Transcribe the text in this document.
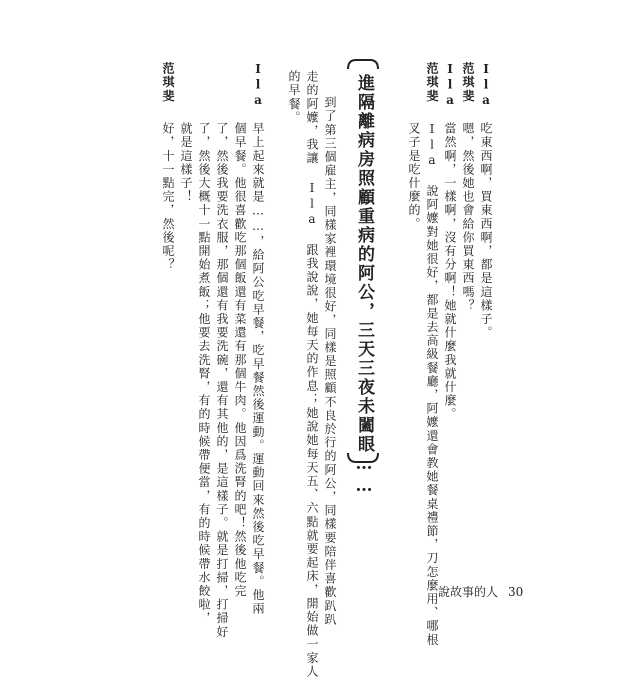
Ila
吃東西啊，買東西啊，都是這樣子。
范琪斐
嗯，然後她也會給你買東西嗎？
Ila
當然啊，一樣啊，沒有分啊！她就什麼我就什麼。
范琪斐
Ila 說阿嬤對她很好，都是去高級餐廳，阿嬤還會教她餐桌禮節，刀怎麼用、哪根
叉子是吃什麼的。
進隔離病房照顧重病的阿公，三天三夜未闔眼……
到了第三個雇主，同樣家裡環境很好，同樣是照顧不良於行的阿公，同樣要陪伴喜歡趴趴
走的阿嬤，我讓 Ila 跟我說說，她每天的作息；她說她每天五、六點就要起床，開始做一家人
的早餐。
Ila
早上起來就是……，給阿公吃早餐，吃早餐然後運動。運動回來然後吃早餐。他兩
個早餐。他很喜歡吃那個飯還有菜還有那個牛肉。他因爲洗腎的吧！然後他吃完
了，然後我要洗衣服，那個還有我要洗碗，還有其他的，是這樣子。就是打掃，打掃好
了，然後大概十一點開始煮飯；他要去洗腎，有的時候帶便當，有的時候帶水餃啦，
就是這樣子！
范琪斐
好，十一點完，然後呢？
說故事的人 30
